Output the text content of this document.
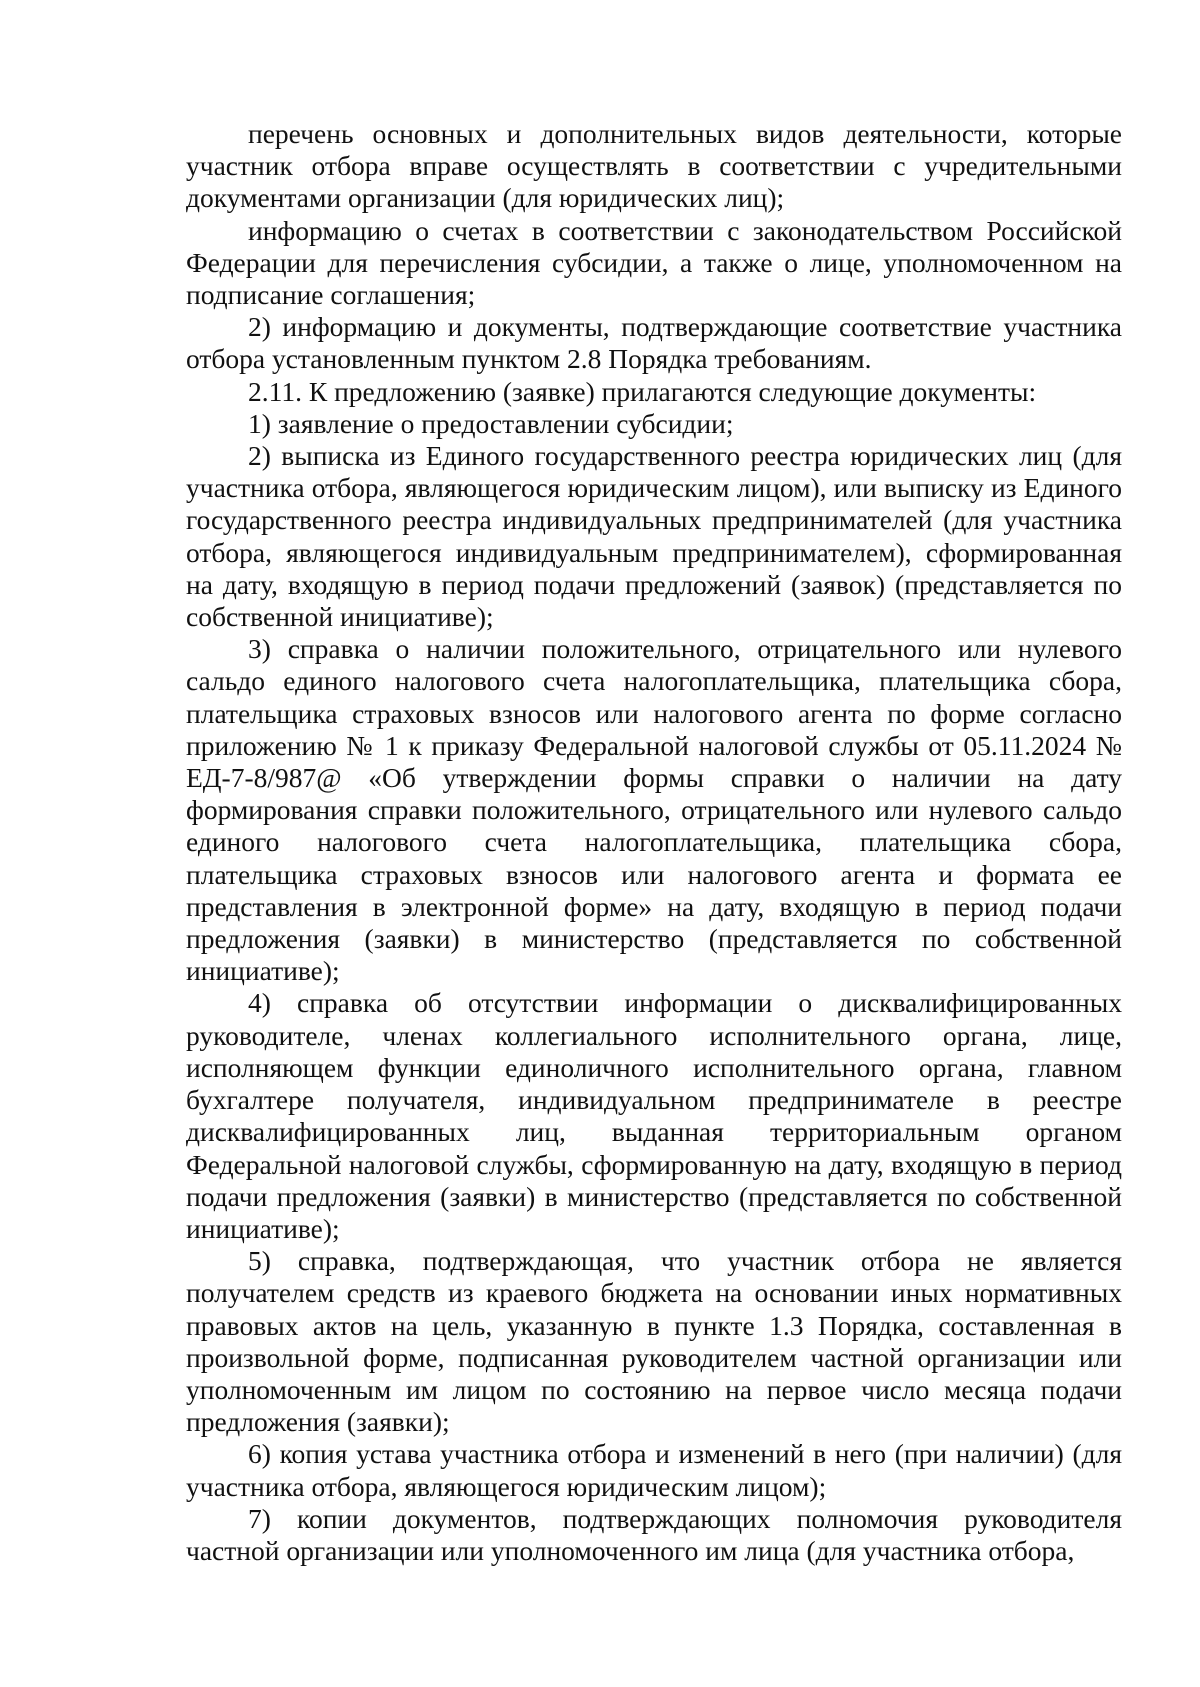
перечень основных и дополнительных видов деятельности, которые участник отбора вправе осуществлять в соответствии с учредительными документами организации (для юридических лиц);

информацию о счетах в соответствии с законодательством Российской Федерации для перечисления субсидии, а также о лице, уполномоченном на подписание соглашения;

2) информацию и документы, подтверждающие соответствие участника отбора установленным пунктом 2.8 Порядка требованиям.

2.11. К предложению (заявке) прилагаются следующие документы:

1) заявление о предоставлении субсидии;

2) выписка из Единого государственного реестра юридических лиц (для участника отбора, являющегося юридическим лицом), или выписку из Единого государственного реестра индивидуальных предпринимателей (для участника отбора, являющегося индивидуальным предпринимателем), сформированная на дату, входящую в период подачи предложений (заявок) (представляется по собственной инициативе);

3) справка о наличии положительного, отрицательного или нулевого сальдо единого налогового счета налогоплательщика, плательщика сбора, плательщика страховых взносов или налогового агента по форме согласно приложению № 1 к приказу Федеральной налоговой службы от 05.11.2024 № ЕД-7-8/987@ «Об утверждении формы справки о наличии на дату формирования справки положительного, отрицательного или нулевого сальдо единого налогового счета налогоплательщика, плательщика сбора, плательщика страховых взносов или налогового агента и формата ее представления в электронной форме» на дату, входящую в период подачи предложения (заявки) в министерство (представляется по собственной инициативе);

4) справка об отсутствии информации о дисквалифицированных руководителе, членах коллегиального исполнительного органа, лице, исполняющем функции единоличного исполнительного органа, главном бухгалтере получателя, индивидуальном предпринимателе в реестре дисквалифицированных лиц, выданная территориальным органом Федеральной налоговой службы, сформированную на дату, входящую в период подачи предложения (заявки) в министерство (представляется по собственной инициативе);

5) справка, подтверждающая, что участник отбора не является получателем средств из краевого бюджета на основании иных нормативных правовых актов на цель, указанную в пункте 1.3 Порядка, составленная в произвольной форме, подписанная руководителем частной организации или уполномоченным им лицом по состоянию на первое число месяца подачи предложения (заявки);

6) копия устава участника отбора и изменений в него (при наличии) (для участника отбора, являющегося юридическим лицом);

7) копии документов, подтверждающих полномочия руководителя частной организации или уполномоченного им лица (для участника отбора,
